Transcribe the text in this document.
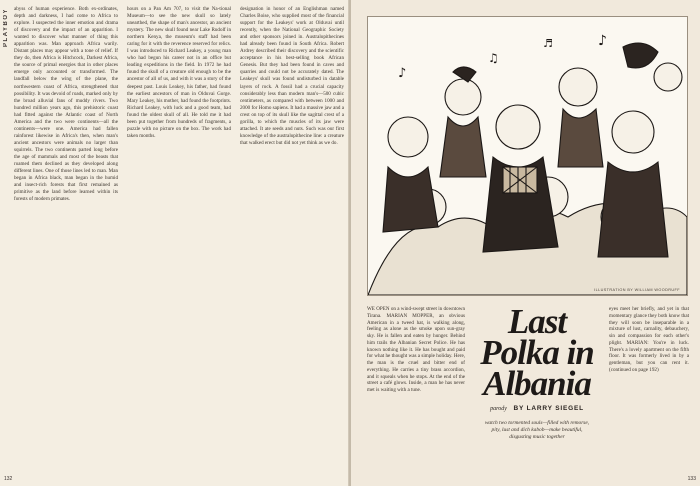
PLAYBOY abyss of human experience. Both ex-ordinates, depth and darkness, I had come to Africa to explore. I suspected the inner emotion and drama of discovery and the impact of an apparition. I wanted to discover what manner of thing this apparition was. Man approach Africa warily. Distant places may appear with a tone of relief. If they do, then Africa is Hitchcock, Darkest Africa, the source of primal energies that in other places emerge only accounted or transformed. The landfall below the wing of the plane, the northwestern coast of Africa, strengthened that possibility. It was devoid of roads, marked only by the broad alluvial fans of muddy rivers. Two hundred million years ago, this prehistoric coast had fitted against the Atlantic coast of North America and the two were continents—all the continents—were one. America had fallen rainforest likewise in Africa's then, when man's ancient ancestors were animals no larger than squirrels. The two continents parted long before the age of mammals and most of the beasts that roamed them declined as they developed along different lines. One of those lines led to man. Man began in Africa black, man began in the humid and insect-rich forests that first remained as primitive as the land before learned within its forests of modern primates.

hours on a Pan Am 707, to visit the Na-tional Museum—to see the new skull so lately unearthed, the shape of man's ancestor, an ancient mystery. The new skull found near Lake Rudolf in northern Kenya, the museum's staff had been caring for it with the reverence reserved for relics. I was introduced to Richard Leakey, a young man who had begun his career not in an office but leading expeditions in the field. In 1972 he had found the skull of a creature old enough to be the ancestor of all of us, and with it was a story of the deepest past. Louis Leakey, his father, had found the earliest ancestors of man in Olduvai Gorge. Mary Leakey, his mother, had found the footprints. Richard Leakey, with luck and a good team, had found the oldest skull of all. He told me it had been put together from hundreds of fragments, a puzzle with no picture on the box. The work had taken months.

designation in honor of an Englishman named Charles Boise, who supplied most of the financial support for the Leakeys' work at Olduvai until recently, when the National Geographic Society and other sponsors joined in. Australopithecines had already been found in South Africa. Robert Ardrey described their discovery and the scientific acceptance in his best-selling book African Genesis. But they had been found in caves and quarries and could not be accurately dated. The Leakeys' skull was found undisturbed in datable layers of rock. A fossil had a crucial capacity considerably less than modern man's—500 cubic centimeters, as compared with between 1000 and 2000 for Homo sapiens. It had a massive jaw and a crest on top of its skull like the sagittal crest of a gorilla, to which the muscles of its jaw were attached. It ate seeds and nuts. Such was our first knowledge of the australopithecine line: a creature that walked erect but did not yet think as we do.

132
♪
♫
♪
♬
ILLUSTRATION BY WILLIAM WOODRUFF

WE OPEN on a wind-swept street in downtown Tirana. MARIAN MOPPER, an obvious American in a tweed hat, is walking along, feeling as alone as the smoke upon sun-gray sky. He is fallen and eaten by hunger. Behind him trails the Albanian Secret Police. He has known nothing like it. He has bought and paid for what he thought was a simple holiday. Here, the man is the cruel and bitter end of everything. He carries a tiny brass accordion, and it squeals when he stops. At the end of the street a café glows. Inside, a man he has never met is waiting with a tune.

Last
Polka in
Albania
parody BY LARRY SIEGEL
watch two tormented souls—filled with remorse, pity, lust and dich kabob—make beautiful, disgusting music together

eyes meet her briefly, and yet in that momentary glance they both know that they will soon be inseparable in a mixture of lust, carnality, debauchery, sin and compassion for each other's plight. MARIAN: You're in luck. There's a lovely apartment on the fifth floor. It was formerly lived in by a gentleman, but you can rent it. (continued on page 192)

133
